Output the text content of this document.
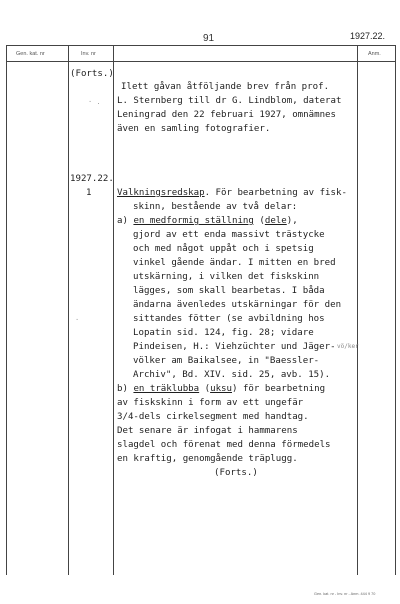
91	1927.22.
Gen. kat. nr	Inv. nr	Anm.
(Forts.)
Ilett gåvan åtföljande brev från prof.
L. Sternberg till dr G. Lindblom, daterat
Leningrad den 22 februari 1927, omnämnes
även en samling fotografier.
1927.22.
1	Valkningsredskap. För bearbetning av fisk-
skinn, bestående av två delar:
a) en medformig ställning (dele),
gjord av ett enda massivt trästycke
och med något uppåt och i spetsig
vinkel gående ändar. I mitten en bred
utskärning, i vilken det fiskskinn
lägges, som skall bearbetas. I båda
ändarna ävenledes utskärningar för den
sittandes fötter (se avbildning hos
Lopatin sid. 124, fig. 28; vidare
Pindeisen, H.: Viehzüchter und Jäger- vö/ker
völker am Baikalsee, in "Baessler-
Archiv", Bd. XIV. sid. 25, avb. 15).
b) en träklubba (uksu) för bearbetning
av fiskskinn i form av ett ungefär
3/4-dels cirkelsegment med handtag.
Det senare är infogat i hammarens
slagdel och förenat med denna förmedels
en kraftig, genomgående träplugg.
(Forts.)
· .
·
Gen. kat. nr - Inv. nr - Anm. 444 9 70
